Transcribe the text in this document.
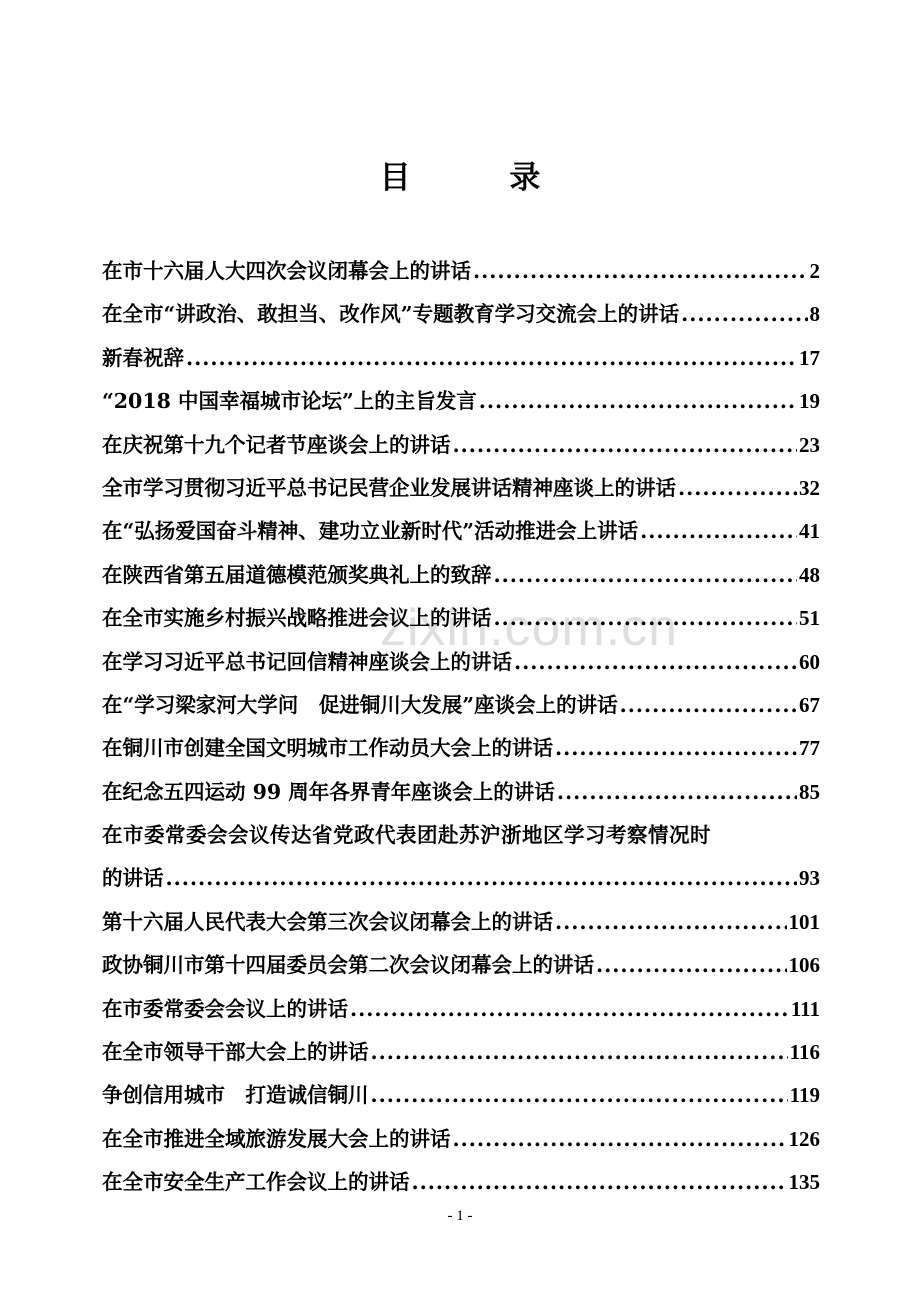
目 录
在市十六届人大四次会议闭幕会上的讲话 .....	2
在全市“讲政治、敢担当、改作风”专题教育学习交流会上的讲话 .....	8
新春祝辞 .....	17
“2018 中国幸福城市论坛”上的主旨发言 .....	19
在庆祝第十九个记者节座谈会上的讲话 .....	23
全市学习贯彻习近平总书记民营企业发展讲话精神座谈上的讲话 .....	32
在“弘扬爱国奋斗精神、建功立业新时代”活动推进会上讲话 .....	41
在陕西省第五届道德模范颁奖典礼上的致辞 .....	48
在全市实施乡村振兴战略推进会议上的讲话 .....	51
在学习习近平总书记回信精神座谈会上的讲话 .....	60
在“学习梁家河大学问　促进铜川大发展”座谈会上的讲话 .....	67
在铜川市创建全国文明城市工作动员大会上的讲话 .....	77
在纪念五四运动 99 周年各界青年座谈会上的讲话 .....	85
在市委常委会会议传达省党政代表团赴苏沪浙地区学习考察情况时
的讲话 .....	93
第十六届人民代表大会第三次会议闭幕会上的讲话 .....	101
政协铜川市第十四届委员会第二次会议闭幕会上的讲话 .....	106
在市委常委会会议上的讲话 .....	111
在全市领导干部大会上的讲话 .....	116
争创信用城市　打造诚信铜川 .....	119
在全市推进全域旅游发展大会上的讲话 .....	126
在全市安全生产工作会议上的讲话 .....	135
zixin.com.cn
- 1 -
